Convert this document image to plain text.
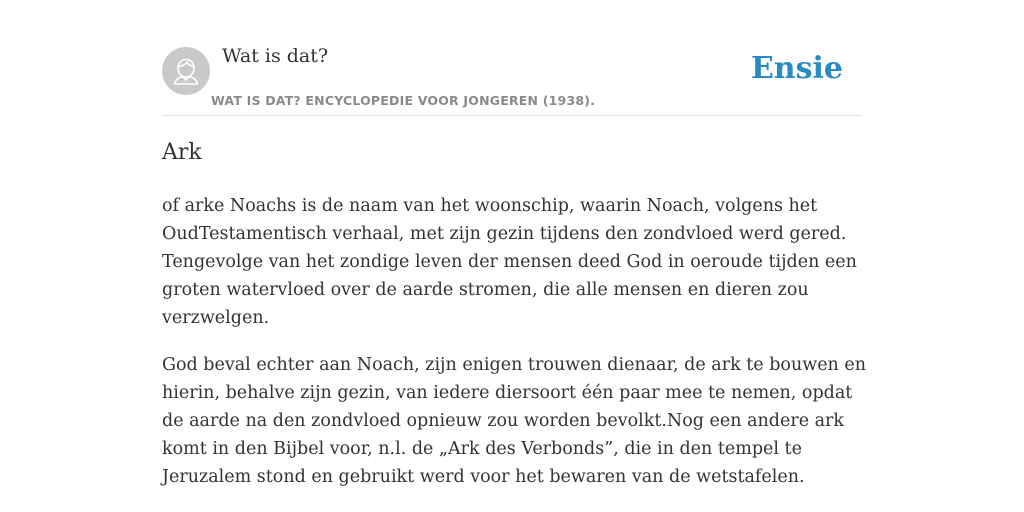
Wat is dat?
WAT IS DAT? ENCYCLOPEDIE VOOR JONGEREN (1938).
Ensie
Ark

of arke Noachs is de naam van het woonschip, waarin Noach, volgens het OudTestamentisch verhaal, met zijn gezin tijdens den zondvloed werd gered. Tengevolge van het zondige leven der mensen deed God in oeroude tijden een groten watervloed over de aarde stromen, die alle mensen en dieren zou verzwelgen.

God beval echter aan Noach, zijn enigen trouwen dienaar, de ark te bouwen en hierin, behalve zijn gezin, van iedere diersoort één paar mee te nemen, opdat de aarde na den zondvloed opnieuw zou worden bevolkt.Nog een andere ark komt in den Bijbel voor, n.l. de „Ark des Verbonds”, die in den tempel te Jeruzalem stond en gebruikt werd voor het bewaren van de wetstafelen.
